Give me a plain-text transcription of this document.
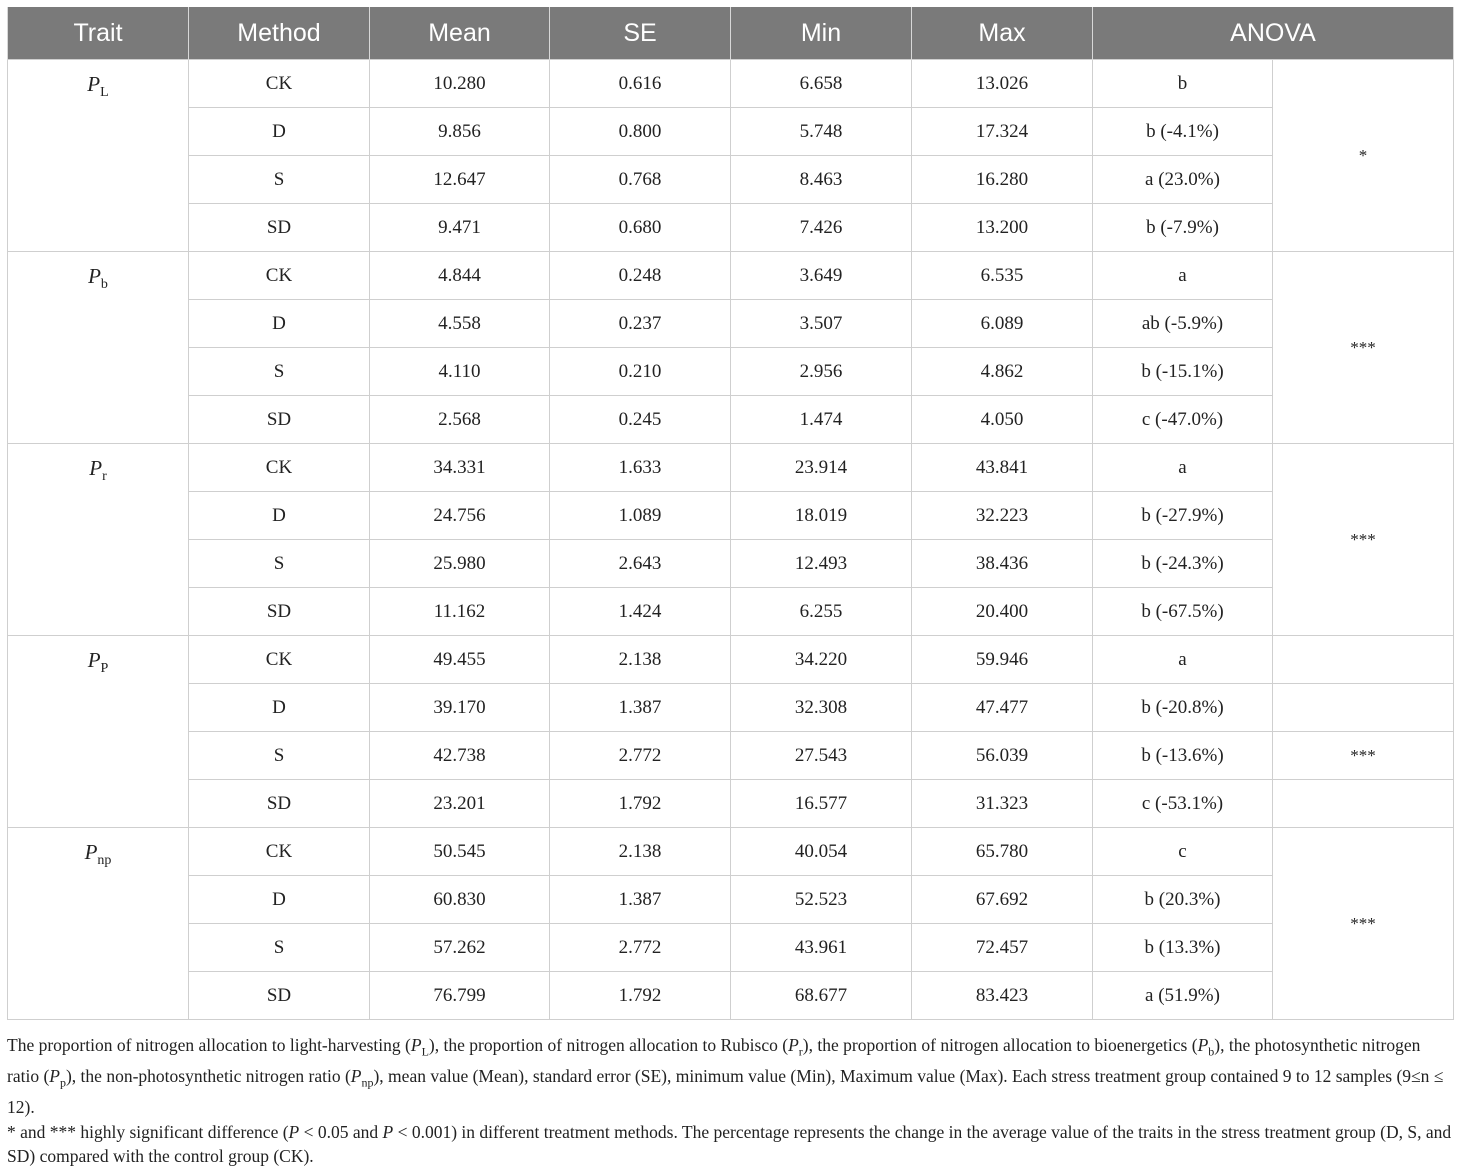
Trait	Method	Mean	SE	Min	Max	ANOVA	
$P_L$	CK	10.280	0.616	6.658	13.026	b	*
	D	9.856	0.800	5.748	17.324	b (-4.1%)	
	S	12.647	0.768	8.463	16.280	a (23.0%)	
	SD	9.471	0.680	7.426	13.200	b (-7.9%)	
$P_b$	CK	4.844	0.248	3.649	6.535	a	***
	D	4.558	0.237	3.507	6.089	ab (-5.9%)	
	S	4.110	0.210	2.956	4.862	b (-15.1%)	
	SD	2.568	0.245	1.474	4.050	c (-47.0%)	
$P_r$	CK	34.331	1.633	23.914	43.841	a	***
	D	24.756	1.089	18.019	32.223	b (-27.9%)	
	S	25.980	2.643	12.493	38.436	b (-24.3%)	
	SD	11.162	1.424	6.255	20.400	b (-67.5%)	
$P_P$	CK	49.455	2.138	34.220	59.946	a	
	D	39.170	1.387	32.308	47.477	b (-20.8%)	
	S	42.738	2.772	27.543	56.039	b (-13.6%)	***
	SD	23.201	1.792	16.577	31.323	c (-53.1%)	
$P_{np}$	CK	50.545	2.138	40.054	65.780	c	***
	D	60.830	1.387	52.523	67.692	b (20.3%)	
	S	57.262	2.772	43.961	72.457	b (13.3%)	
	SD	76.799	1.792	68.677	83.423	a (51.9%)	

The proportion of nitrogen allocation to light-harvesting $(P_L)$, the proportion of nitrogen allocation to Rubisco $(P_r)$, the proportion of nitrogen allocation to bioenergetics $(P_b)$, the photosynthetic nitrogen ratio $(P_p)$, the non-photosynthetic nitrogen ratio $(P_{np})$, mean value (Mean), standard error (SE), minimum value (Min), Maximum value (Max). Each stress treatment group contained 9 to 12 samples (9≤n ≤ 12).

* and *** highly significant difference (P < 0.05 and P < 0.001) in different treatment methods. The percentage represents the change in the average value of the traits in the stress treatment group (D, S, and SD) compared with the control group (CK).
